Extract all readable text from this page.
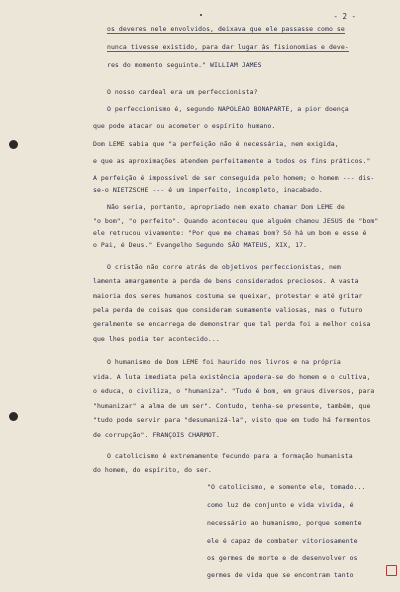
- 2 -
os deveres nele envolvidos, deixava que ele passasse como se
nunca tivesse existido, para dar lugar às fisionomias e deve-
res do momento seguinte." WILLIAM JAMES
O nosso cardeal era um perfeccionista?
O perfeccionismo é, segundo NAPOLEAO BONAPARTE, a pior doença
que pode atacar ou acometer o espírito humano.
Dom LEME sabia que "a perfeição não é necessária, nem exigida,
e que as aproximações atendem perfeitamente a todos os fins práticos."
A perfeição é impossível de ser conseguida pelo homem; o homem --- dis-
se-o NIETZSCHE --- é um imperfeito, incompleto, inacabado.
Não seria, portanto, apropriado nem exato chamar Dom LEME de
"o bom", "o perfeito". Quando aconteceu que alguém chamou JESUS de "bom"
ele retrucou vivamente: "Por que me chamas bom? Só há um bom e esse é
o Pai, é Deus." Evangelho Segundo SÃO MATEUS, XIX, 17.
O cristão não corre atrás de objetivos perfeccionistas, nem
lamenta amargamente a perda de bens considerados preciosos. A vasta
maioria dos seres humanos costuma se queixar, protestar e até gritar
pela perda de coisas que consideram sumamente valiosas, mas o futuro
geralmente se encarrega de demonstrar que tal perda foi a melhor coisa
que lhes podia ter acontecido...
O humanismo de Dom LEME foi haurido nos livros e na própria
vida. A luta imediata pela existência apodera-se do homem e o cultiva,
o educa, o civiliza, o "humaniza". "Tudo é bom, em graus diversos, para
"humanizar" a alma de um ser". Contudo, tenha-se presente, também, que
"tudo pode servir para "desumanizá-la", visto que em tudo há fermentos
de corrupção". FRANÇOIS CHARMOT.
O catolicismo é extremamente fecundo para a formação humanista
do homem, do espírito, do ser.
"O catolicismo, e somente ele, tomado...
como luz de conjunto e vida vivida, é
necessário ao humanismo, porque somente
ele é capaz de combater vitoriosamente
os germes de morte e de desenvolver os
germes de vida que se encontram tanto
